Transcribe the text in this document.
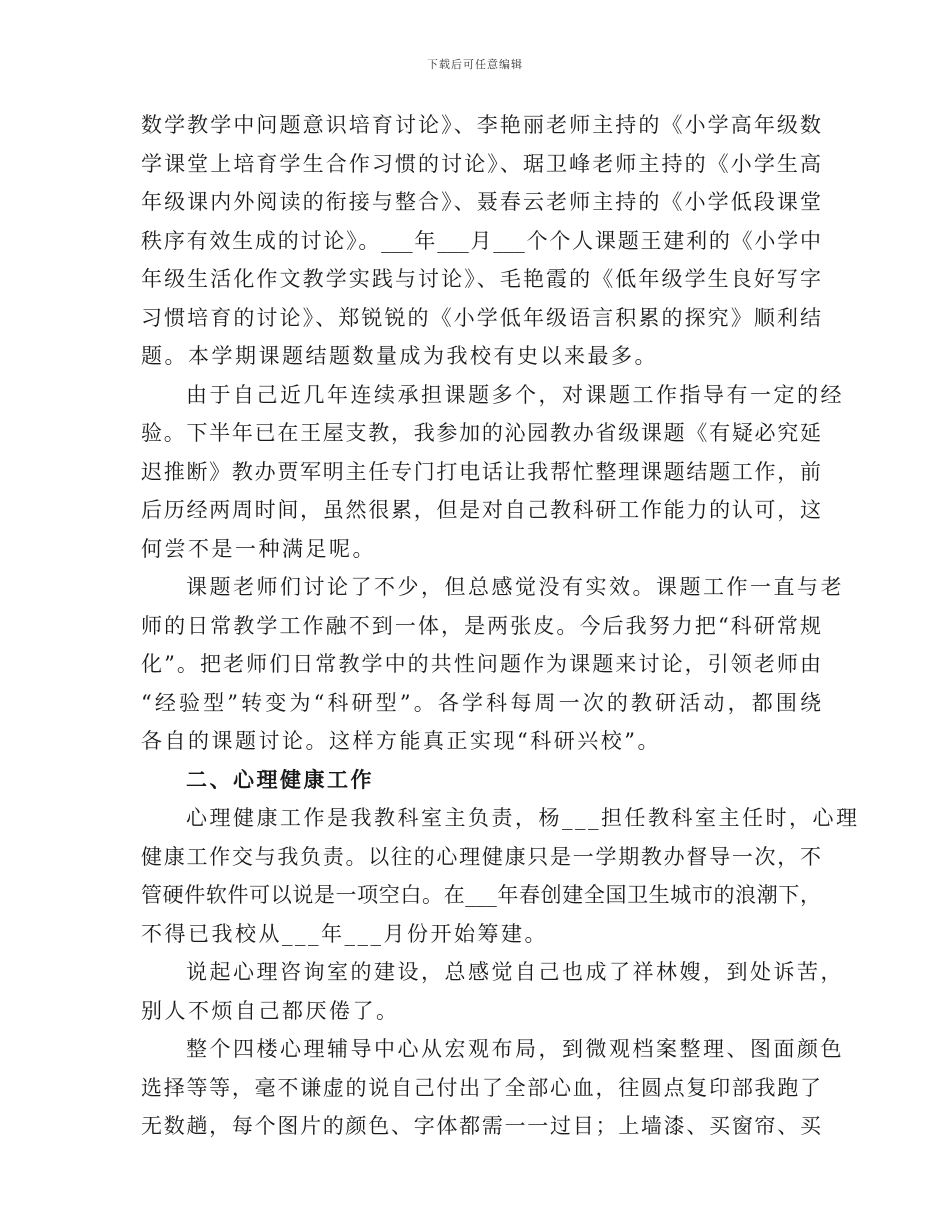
下载后可任意编辑
数学教学中问题意识培育讨论》、李艳丽老师主持的《小学高年级数
学课堂上培育学生合作习惯的讨论》、琚卫峰老师主持的《小学生高
年级课内外阅读的衔接与整合》、聂春云老师主持的《小学低段课堂
秩序有效生成的讨论》。___年___月___个个人课题王建利的《小学中
年级生活化作文教学实践与讨论》、毛艳霞的《低年级学生良好写字
习惯培育的讨论》、郑锐锐的《小学低年级语言积累的探究》顺利结
题。本学期课题结题数量成为我校有史以来最多。
由于自己近几年连续承担课题多个，对课题工作指导有一定的经
验。下半年已在王屋支教，我参加的沁园教办省级课题《有疑必究延
迟推断》教办贾军明主任专门打电话让我帮忙整理课题结题工作，前
后历经两周时间，虽然很累，但是对自己教科研工作能力的认可，这
何尝不是一种满足呢。
课题老师们讨论了不少，但总感觉没有实效。课题工作一直与老
师的日常教学工作融不到一体，是两张皮。今后我努力把“科研常规
化”。把老师们日常教学中的共性问题作为课题来讨论，引领老师由
“经验型”转变为“科研型”。各学科每周一次的教研活动，都围绕
各自的课题讨论。这样方能真正实现“科研兴校”。
二、心理健康工作
心理健康工作是我教科室主负责，杨___担任教科室主任时，心理
健康工作交与我负责。以往的心理健康只是一学期教办督导一次，不
管硬件软件可以说是一项空白。在___年春创建全国卫生城市的浪潮下，
不得已我校从___年___月份开始筹建。
说起心理咨询室的建设，总感觉自己也成了祥林嫂，到处诉苦，
别人不烦自己都厌倦了。
整个四楼心理辅导中心从宏观布局，到微观档案整理、图面颜色
选择等等，毫不谦虚的说自己付出了全部心血，往圆点复印部我跑了
无数趟，每个图片的颜色、字体都需一一过目；上墙漆、买窗帘、买
